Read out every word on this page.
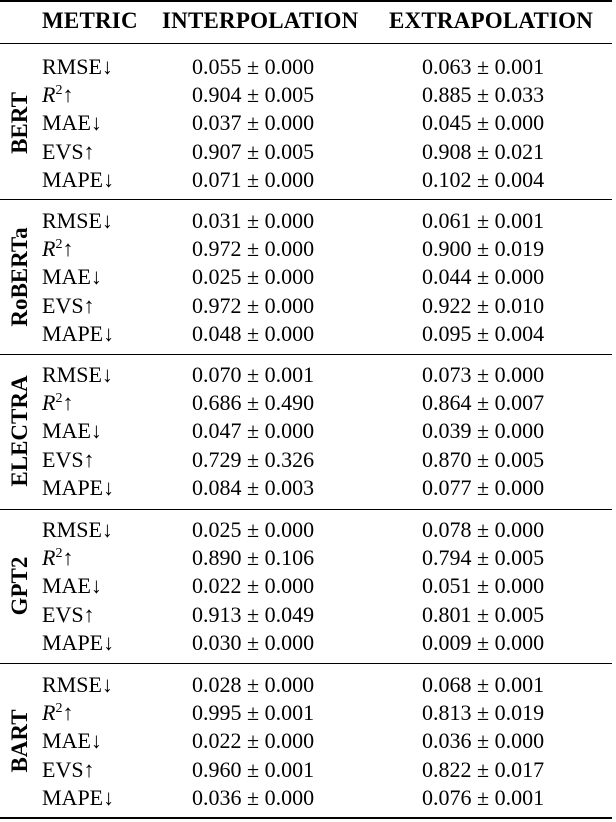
METRIC INTERPOLATION EXTRAPOLATION
BERT
RMSE↓	0.055 ± 0.000	0.063 ± 0.001
$R^2↑$	0.904 ± 0.005	0.885 ± 0.033
MAE↓	0.037 ± 0.000	0.045 ± 0.000
EVS↑	0.907 ± 0.005	0.908 ± 0.021
MAPE↓	0.071 ± 0.000	0.102 ± 0.004
RoBERTa
RMSE↓	0.031 ± 0.000	0.061 ± 0.001
$R^2↑$	0.972 ± 0.000	0.900 ± 0.019
MAE↓	0.025 ± 0.000	0.044 ± 0.000
EVS↑	0.972 ± 0.000	0.922 ± 0.010
MAPE↓	0.048 ± 0.000	0.095 ± 0.004
ELECTRA
RMSE↓	0.070 ± 0.001	0.073 ± 0.000
$R^2↑$	0.686 ± 0.490	0.864 ± 0.007
MAE↓	0.047 ± 0.000	0.039 ± 0.000
EVS↑	0.729 ± 0.326	0.870 ± 0.005
MAPE↓	0.084 ± 0.003	0.077 ± 0.000
GPT2
RMSE↓	0.025 ± 0.000	0.078 ± 0.000
$R^2↑$	0.890 ± 0.106	0.794 ± 0.005
MAE↓	0.022 ± 0.000	0.051 ± 0.000
EVS↑	0.913 ± 0.049	0.801 ± 0.005
MAPE↓	0.030 ± 0.000	0.009 ± 0.000
BART
RMSE↓	0.028 ± 0.000	0.068 ± 0.001
$R^2↑$	0.995 ± 0.001	0.813 ± 0.019
MAE↓	0.022 ± 0.000	0.036 ± 0.000
EVS↑	0.960 ± 0.001	0.822 ± 0.017
MAPE↓	0.036 ± 0.000	0.076 ± 0.001
